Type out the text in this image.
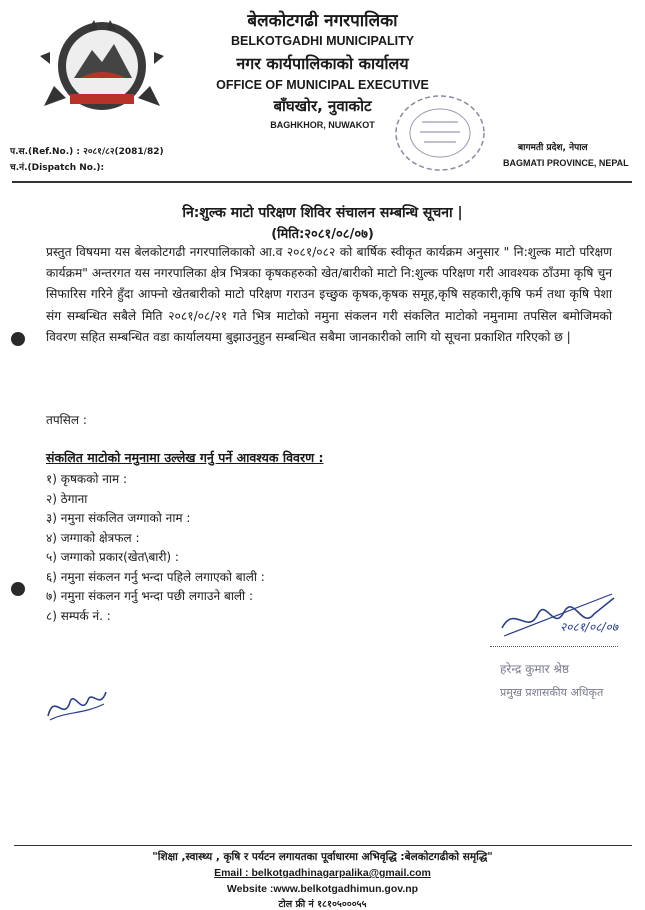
बेलकोटगढी नगरपालिका
BELKOTGADHI MUNICIPALITY
नगर कार्यपालिकाको कार्यालय
OFFICE OF MUNICIPAL EXECUTIVE
बाँघखोर, नुवाकोट
BAGHKHOR, NUWAKOT
प.स.(Ref.No.) : २०८१/८२(2081/82)
च.नं.(Dispatch No.):
बागमती प्रदेश, नेपाल
BAGMATI PROVINCE, NEPAL
नि:शुल्क माटो परिक्षण शिविर संचालन सम्बन्धि सूचना |
(मिति:२०८१/०८/०७)
प्रस्तुत विषयमा यस बेलकोटगढी नगरपालिकाको आ.व २०८१/०८२ को बार्षिक स्वीकृत कार्यक्रम अनुसार " नि:शुल्क माटो परिक्षण कार्यक्रम" अन्तरगत यस नगरपालिका क्षेत्र भित्रका कृषकहरुको खेत/बारीको माटो नि:शुल्क परिक्षण गरी आवश्यक ठाँउमा कृषि चुन सिफारिस गरिने हुँदा आफ्नो खेतबारीको माटो परिक्षण गराउन इच्छुक कृषक,कृषक समूह,कृषि सहकारी,कृषि फर्म तथा कृषि पेशा संग सम्बन्धित सबैले मिति २०८१/०८/२१ गते भित्र माटोको नमुना संकलन गरी संकलित माटोको नमुनामा तपसिल बमोजिमको विवरण सहित सम्बन्धित वडा कार्यालयमा बुझाउनुहुन सम्बन्धित सबैमा जानकारीको लागि यो सूचना प्रकाशित गरिएको छ |
तपसिल :
संकलित माटोको नमुनामा उल्लेख गर्नु पर्ने आवश्यक विवरण :
१) कृषकको नाम :
२) ठेगाना
३) नमुना संकलित जग्गाको नाम :
४) जग्गाको क्षेत्रफल :
५) जग्गाको प्रकार(खेत\बारी) :
६) नमुना संकलन गर्नु भन्दा पहिले लगाएको बाली :
७) नमुना संकलन गर्नु भन्दा पछी लगाउने बाली :
८) सम्पर्क नं. :
२०८१/०८/०७
हरेन्द्र कुमार श्रेष्ठ
प्रमुख प्रशासकीय अधिकृत
"शिक्षा ,स्वास्थ्य , कृषि र पर्यटन लगायतका पूर्वाधारमा अभिवृद्धि :बेलकोटगढीको समृद्धि"
Email : belkotgadhinagarpalika@gmail.com
Website :www.belkotgadhimun.gov.np
टोल फ्री नं १८१०५०००५५
